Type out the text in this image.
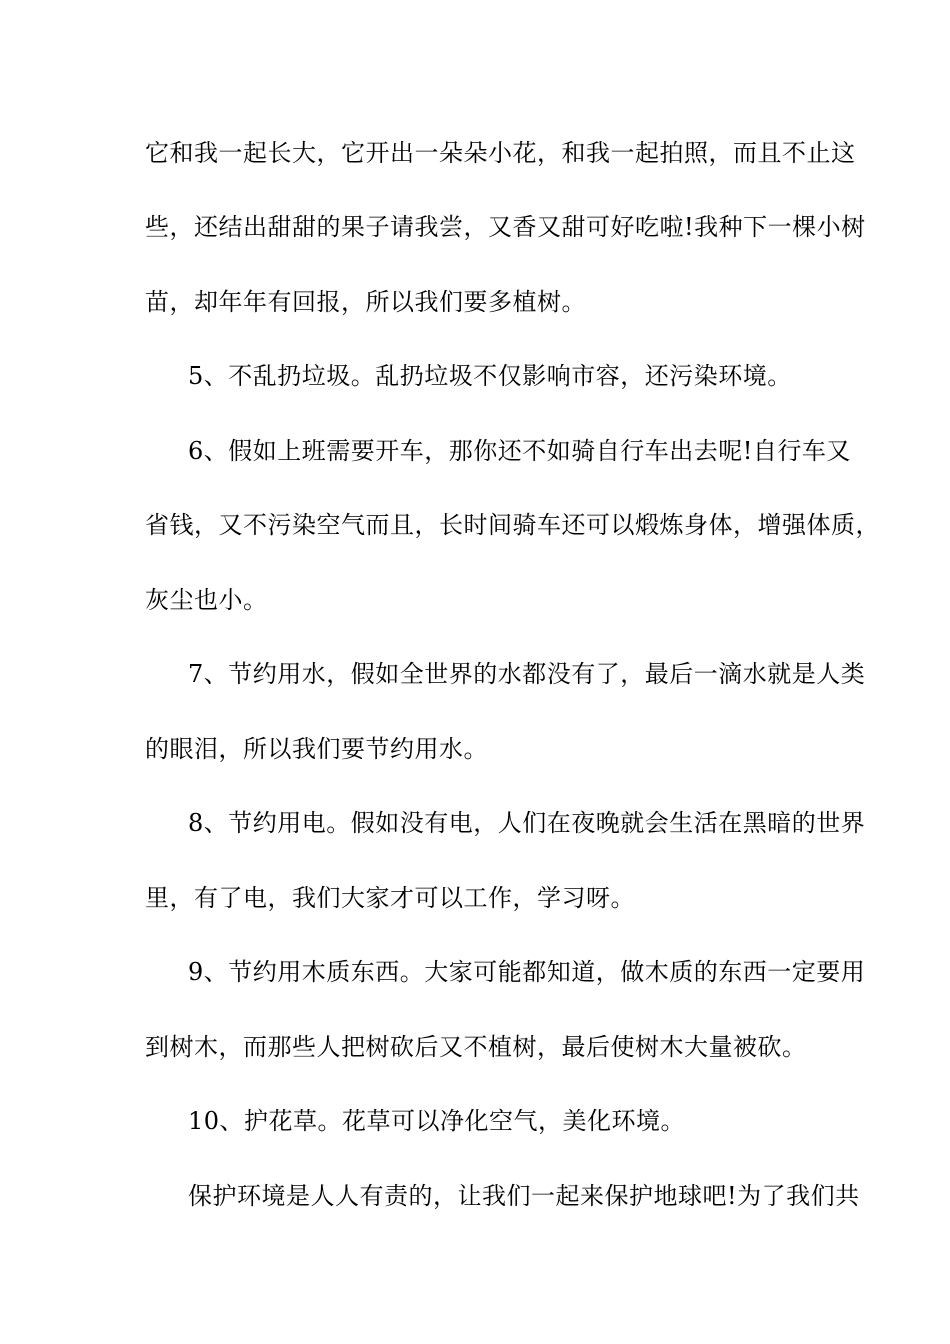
它和我一起长大，它开出一朵朵小花，和我一起拍照，而且不止这
些，还结出甜甜的果子请我尝，又香又甜可好吃啦!我种下一棵小树
苗，却年年有回报，所以我们要多植树。
5、不乱扔垃圾。乱扔垃圾不仅影响市容，还污染环境。
6、假如上班需要开车，那你还不如骑自行车出去呢!自行车又
省钱，又不污染空气而且，长时间骑车还可以煅炼身体，增强体质，
灰尘也小。
7、节约用水，假如全世界的水都没有了，最后一滴水就是人类
的眼泪，所以我们要节约用水。
8、节约用电。假如没有电，人们在夜晚就会生活在黑暗的世界
里，有了电，我们大家才可以工作，学习呀。
9、节约用木质东西。大家可能都知道，做木质的东西一定要用
到树木，而那些人把树砍后又不植树，最后使树木大量被砍。
10、护花草。花草可以净化空气，美化环境。
保护环境是人人有责的，让我们一起来保护地球吧!为了我们共
